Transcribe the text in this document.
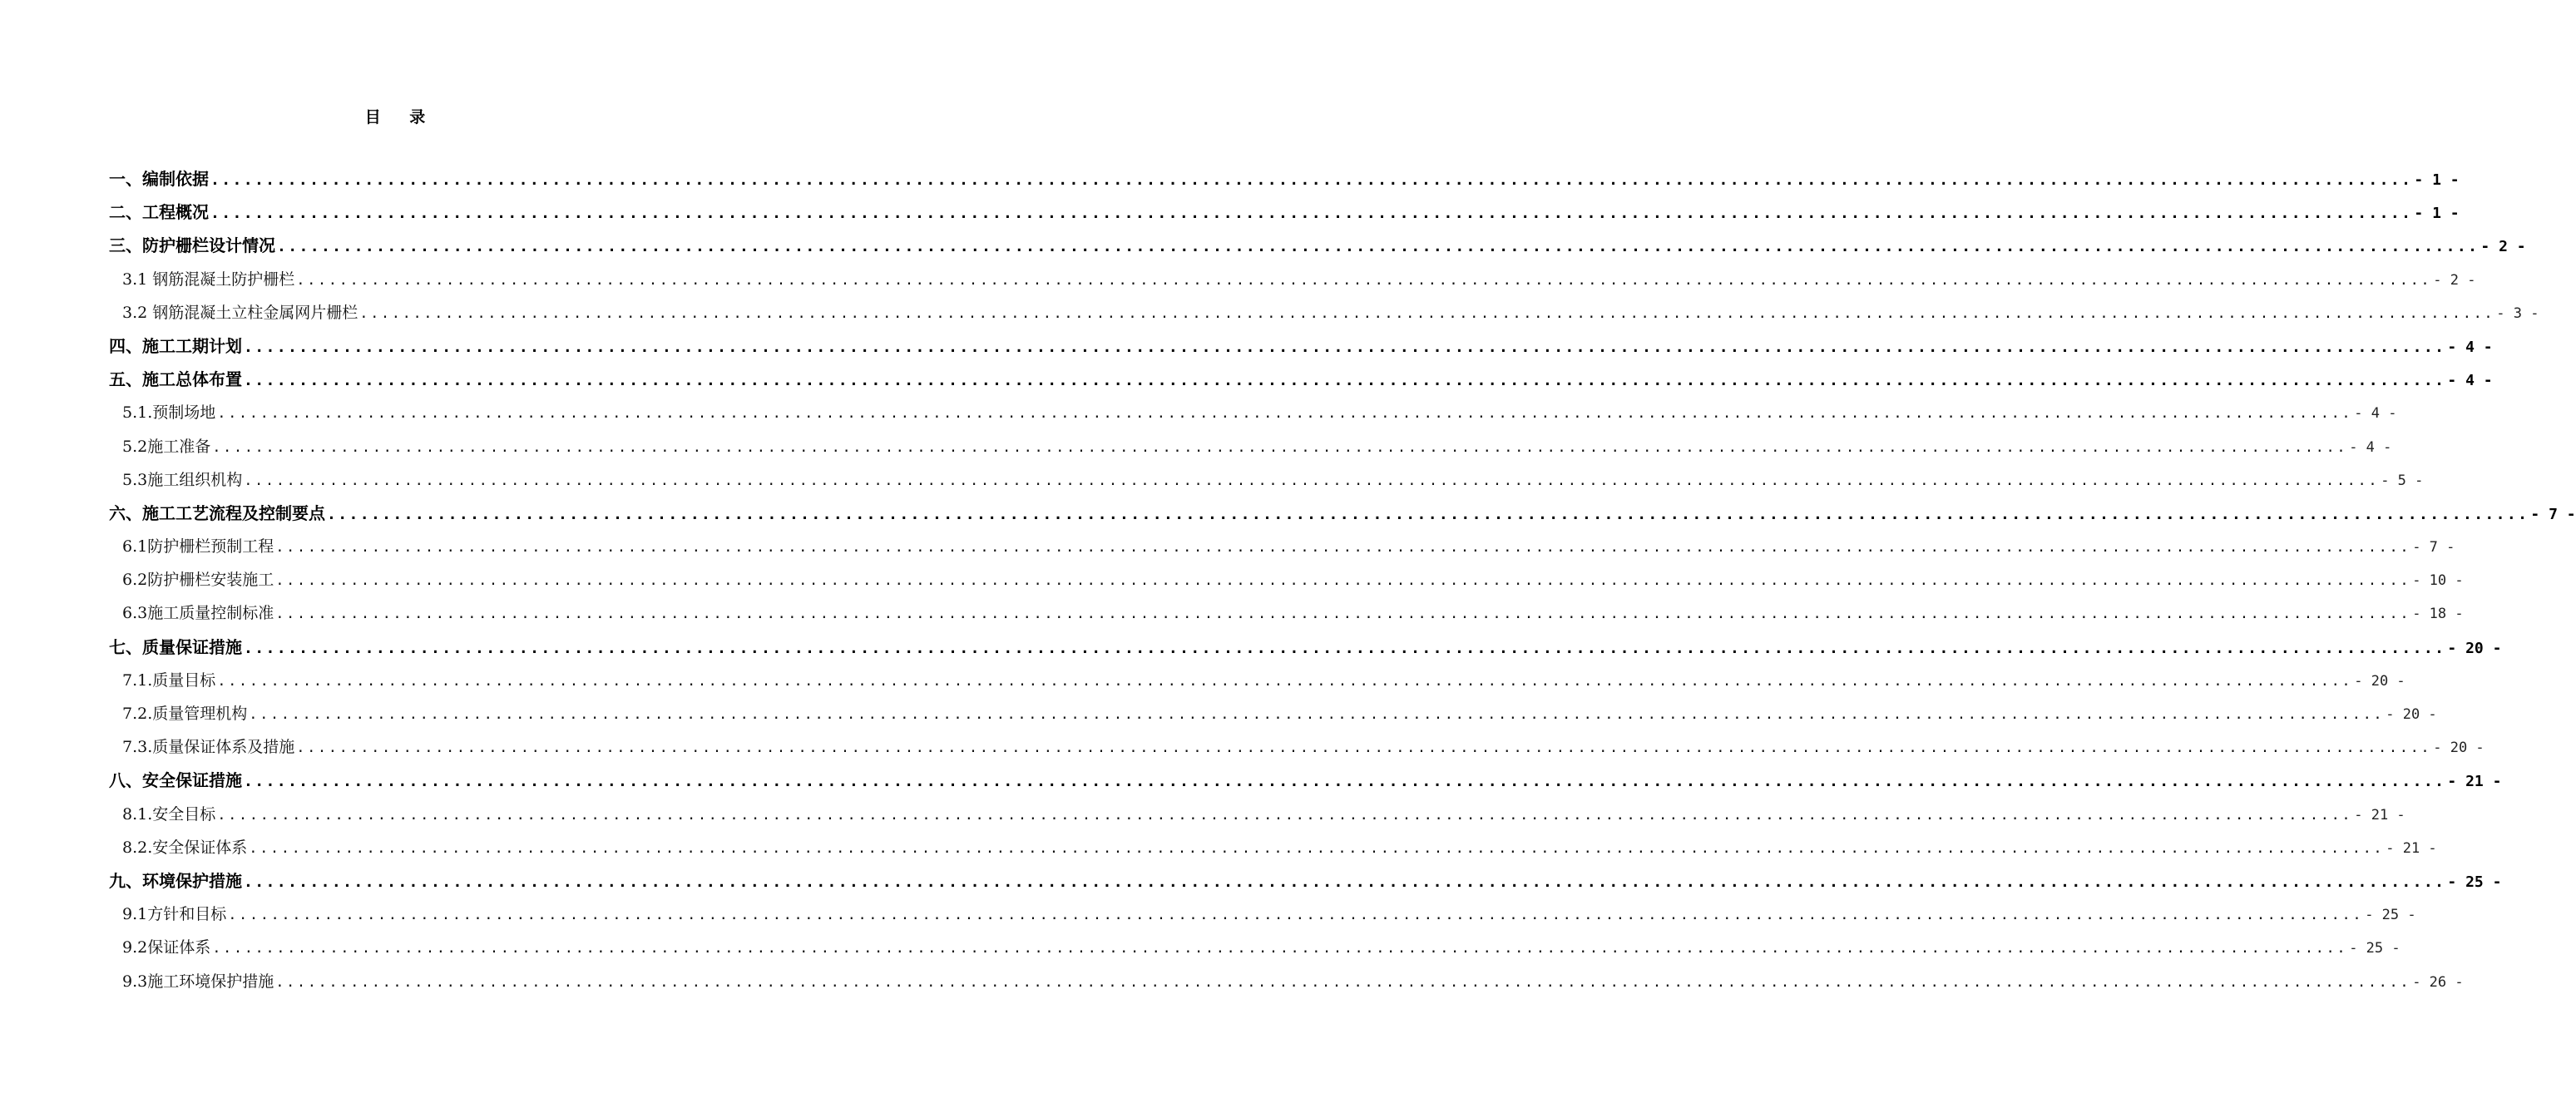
目 录
一、编制依据 ........................................................................................................................................................................................................ - 1 -
二、工程概况 ........................................................................................................................................................................................................ - 1 -
三、防护栅栏设计情况 ........................................................................................................................................................................................................ - 2 -
3.1 钢筋混凝土防护栅栏 ........................................................................................................................................................................................................ - 2 -
3.2 钢筋混凝土立柱金属网片栅栏 ........................................................................................................................................................................................................ - 3 -
四、施工工期计划 ........................................................................................................................................................................................................ - 4 -
五、施工总体布置 ........................................................................................................................................................................................................ - 4 -
5.1.预制场地 ........................................................................................................................................................................................................ - 4 -
5.2施工准备 ........................................................................................................................................................................................................ - 4 -
5.3施工组织机构 ........................................................................................................................................................................................................ - 5 -
六、施工工艺流程及控制要点 ........................................................................................................................................................................................................ - 7 -
6.1防护栅栏预制工程 ........................................................................................................................................................................................................ - 7 -
6.2防护栅栏安装施工 ........................................................................................................................................................................................................ - 10 -
6.3施工质量控制标准 ........................................................................................................................................................................................................ - 18 -
七、质量保证措施 ........................................................................................................................................................................................................ - 20 -
7.1.质量目标 ........................................................................................................................................................................................................ - 20 -
7.2.质量管理机构 ........................................................................................................................................................................................................ - 20 -
7.3.质量保证体系及措施 ........................................................................................................................................................................................................ - 20 -
八、安全保证措施 ........................................................................................................................................................................................................ - 21 -
8.1.安全目标 ........................................................................................................................................................................................................ - 21 -
8.2.安全保证体系 ........................................................................................................................................................................................................ - 21 -
九、环境保护措施 ........................................................................................................................................................................................................ - 25 -
9.1方针和目标 ........................................................................................................................................................................................................ - 25 -
9.2保证体系 ........................................................................................................................................................................................................ - 25 -
9.3施工环境保护措施 ........................................................................................................................................................................................................ - 26 -
